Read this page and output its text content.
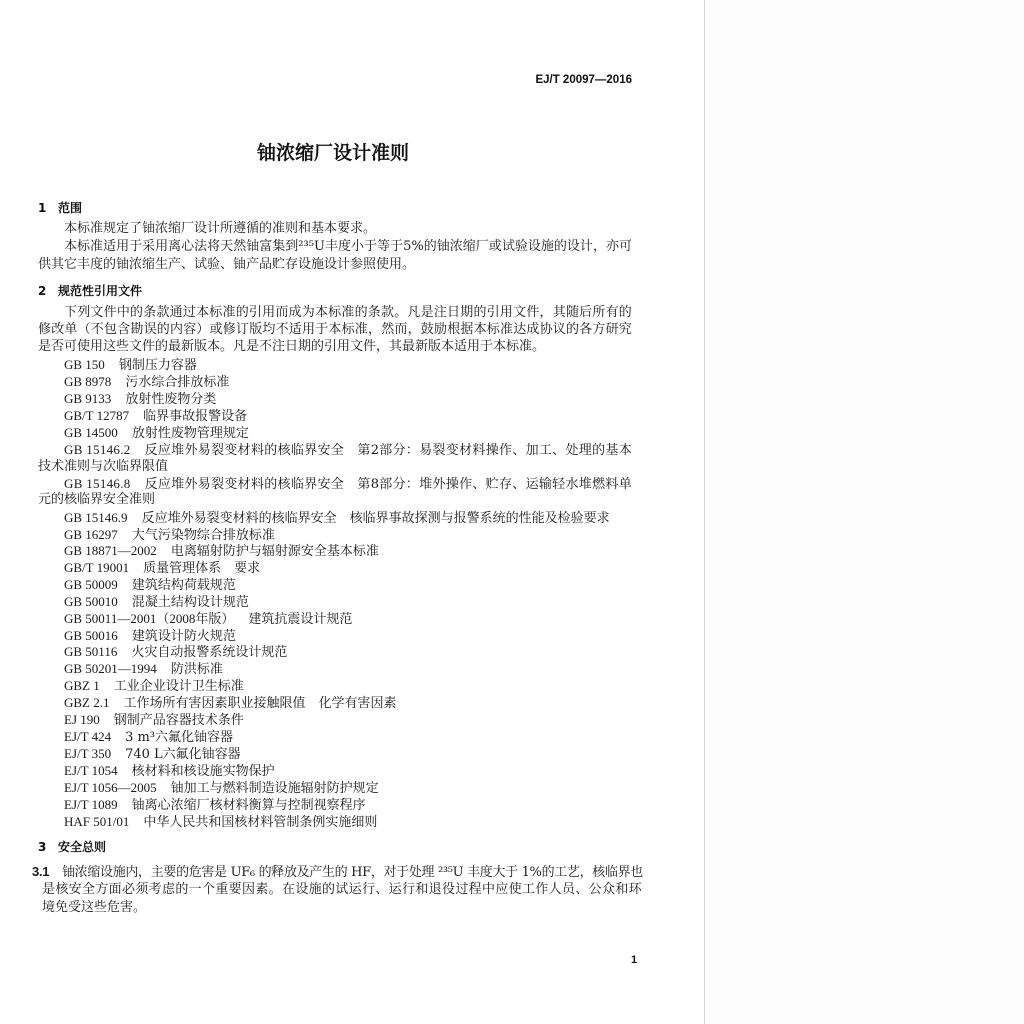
EJ/T 20097—2016
铀浓缩厂设计准则
1 范围
本标准规定了铀浓缩厂设计所遵循的准则和基本要求。
本标准适用于采用离心法将天然铀富集到²³⁵U丰度小于等于5%的铀浓缩厂或试验设施的设计，亦可
供其它丰度的铀浓缩生产、试验、铀产品贮存设施设计参照使用。
2 规范性引用文件
下列文件中的条款通过本标准的引用而成为本标准的条款。凡是注日期的引用文件，其随后所有的
修改单（不包含勘误的内容）或修订版均不适用于本标准，然而，鼓励根据本标准达成协议的各方研究
是否可使用这些文件的最新版本。凡是不注日期的引用文件，其最新版本适用于本标准。
GB 150 钢制压力容器
GB 8978 污水综合排放标准
GB 9133 放射性废物分类
GB/T 12787 临界事故报警设备
GB 14500 放射性废物管理规定
GB 15146.2 反应堆外易裂变材料的核临界安全　第2部分：易裂变材料操作、加工、处理的基本
技术准则与次临界限值
GB 15146.8 反应堆外易裂变材料的核临界安全　第8部分：堆外操作、贮存、运输轻水堆燃料单
元的核临界安全准则
GB 15146.9 反应堆外易裂变材料的核临界安全　核临界事故探测与报警系统的性能及检验要求
GB 16297 大气污染物综合排放标准
GB 18871—2002 电离辐射防护与辐射源安全基本标准
GB/T 19001 质量管理体系　要求
GB 50009 建筑结构荷载规范
GB 50010 混凝土结构设计规范
GB 50011—2001（2008年版） 建筑抗震设计规范
GB 50016 建筑设计防火规范
GB 50116 火灾自动报警系统设计规范
GB 50201—1994 防洪标准
GBZ 1 工业企业设计卫生标准
GBZ 2.1 工作场所有害因素职业接触限值　化学有害因素
EJ 190 钢制产品容器技术条件
EJ/T 424 3 m³六氟化铀容器
EJ/T 350 740 L六氟化铀容器
EJ/T 1054 核材料和核设施实物保护
EJ/T 1056—2005 铀加工与燃料制造设施辐射防护规定
EJ/T 1089 铀离心浓缩厂核材料衡算与控制视察程序
HAF 501/01 中华人民共和国核材料管制条例实施细则
3 安全总则
3.1 铀浓缩设施内，主要的危害是 UF₆ 的释放及产生的 HF，对于处理 ²³⁵U 丰度大于 1%的工艺，核临界也
是核安全方面必须考虑的一个重要因素。在设施的试运行、运行和退役过程中应使工作人员、公众和环
境免受这些危害。
1
